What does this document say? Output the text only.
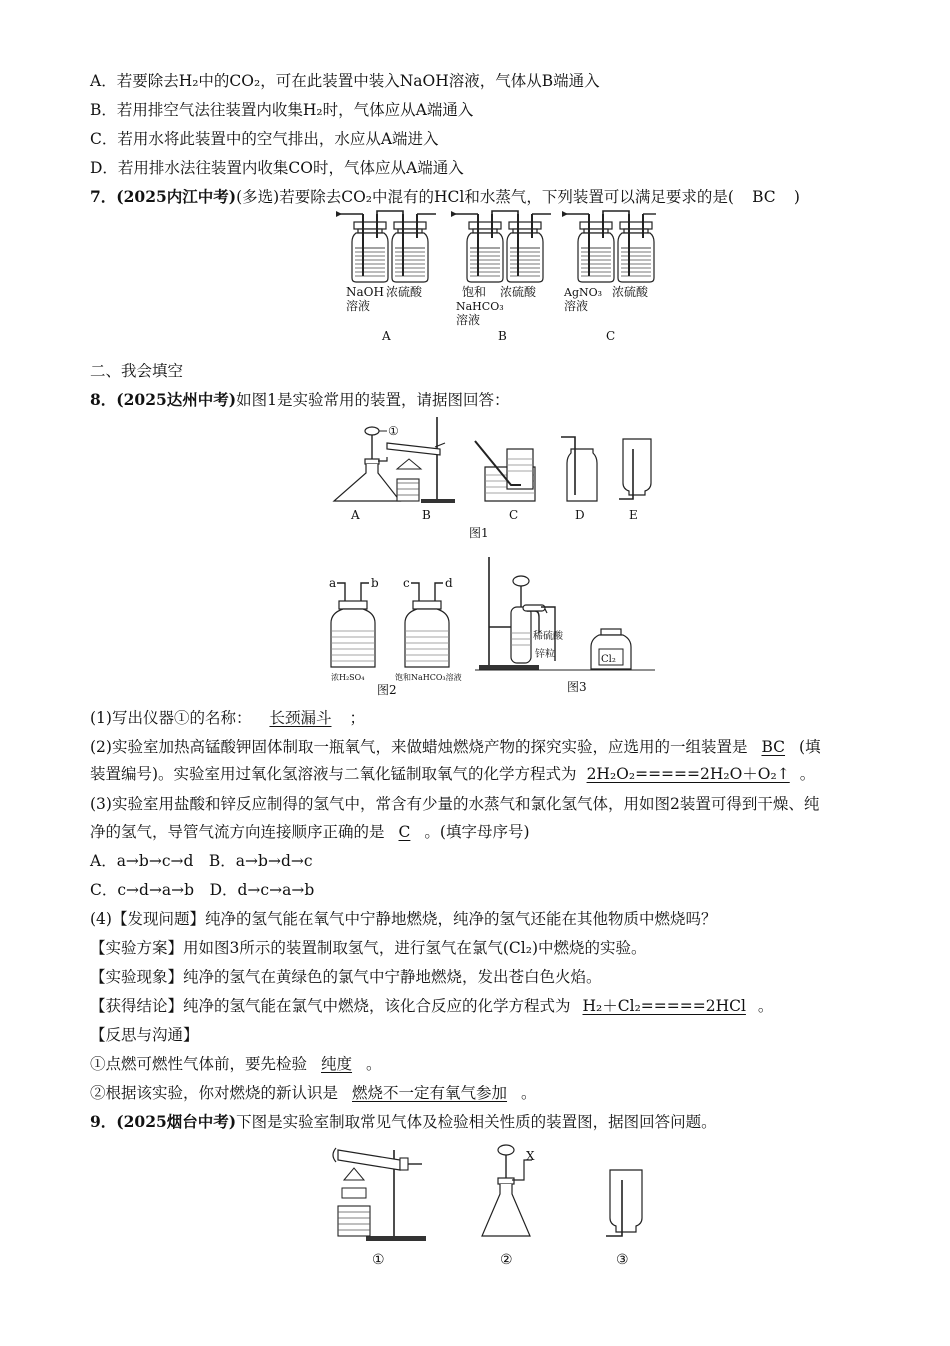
A．若要除去H₂中的CO₂，可在此装置中装入NaOH溶液，气体从B端通入
B．若用排空气法往装置内收集H₂时，气体应从A端通入
C．若用水将此装置中的空气排出，水应从A端进入
D．若用排水法往装置内收集CO时，气体应从A端通入
7．(2025内江中考)(多选)若要除去CO₂中混有的HCl和水蒸气，下列装置可以满足要求的是( BC )
NaOH
溶液
浓硫酸	饱和
NaHCO₃
溶液
浓硫酸	AgNO₃
溶液
浓硫酸
A	B	C
二、我会填空
8．(2025达州中考)如图1是实验常用的装置，请据图回答：
①
A	B	C	D	E
图1
a	b
浓H₂SO₄
c	d
饱和NaHCO₃溶液
图2
稀硫酸
锌粒	Cl₂
图3
(1)写出仪器①的名称： 长颈漏斗 ；
(2)实验室加热高锰酸钾固体制取一瓶氧气，来做蜡烛燃烧产物的探究实验，应选用的一组装置是 BC (填
装置编号)。实验室用过氧化氢溶液与二氧化锰制取氧气的化学方程式为 2H₂O₂=====2H₂O＋O₂↑ 。
(3)实验室用盐酸和锌反应制得的氢气中，常含有少量的水蒸气和氯化氢气体，用如图2装置可得到干燥、纯
净的氢气，导管气流方向连接顺序正确的是 C 。(填字母序号)
A．a→b→c→d　B．a→b→d→c
C．c→d→a→b　D．d→c→a→b
(4)【发现问题】纯净的氢气能在氧气中宁静地燃烧，纯净的氢气还能在其他物质中燃烧吗？
【实验方案】用如图3所示的装置制取氢气，进行氢气在氯气(Cl₂)中燃烧的实验。
【实验现象】纯净的氢气在黄绿色的氯气中宁静地燃烧，发出苍白色火焰。
【获得结论】纯净的氢气能在氯气中燃烧，该化合反应的化学方程式为 H₂＋Cl₂=====2HCl 。
【反思与沟通】
①点燃可燃性气体前，要先检验 纯度 。
②根据该实验，你对燃烧的新认识是 燃烧不一定有氧气参加 。
9．(2025烟台中考)下图是实验室制取常见气体及检验相关性质的装置图，据图回答问题。
①
X
②	③
